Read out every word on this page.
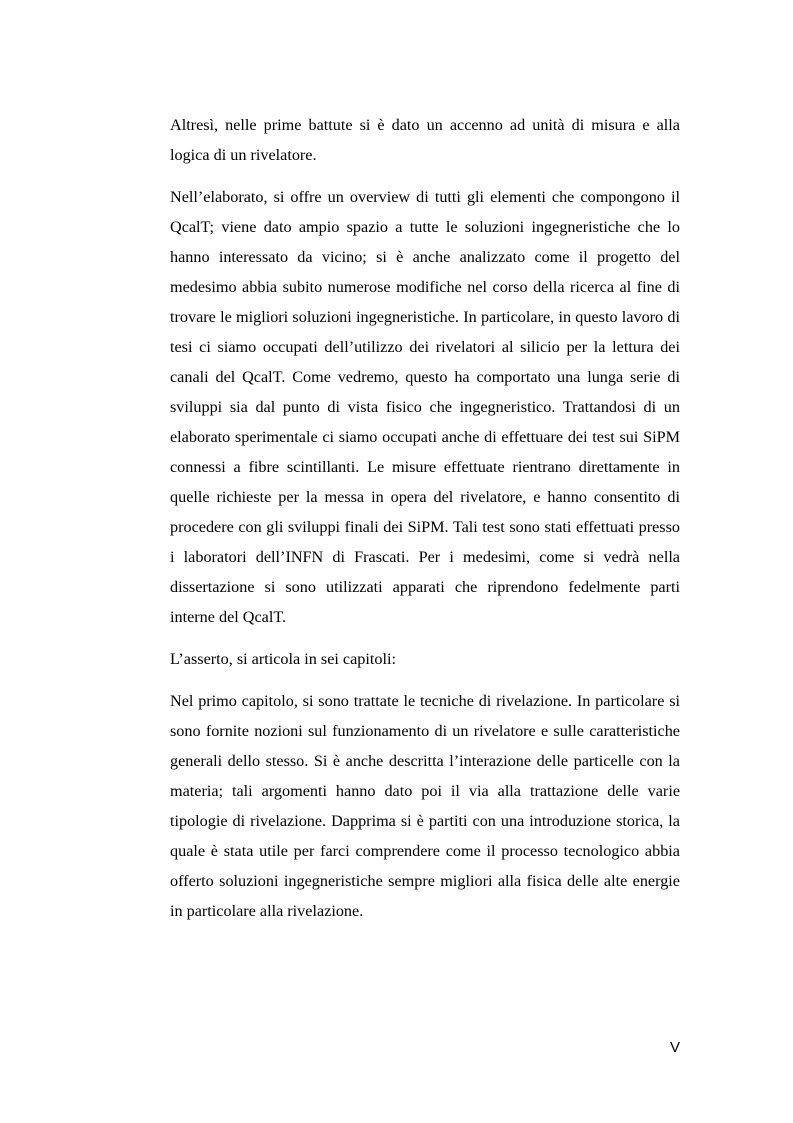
Altresì, nelle prime battute si è dato un accenno ad unità di misura e alla logica di un rivelatore.

Nell’elaborato, si offre un overview di tutti gli elementi che compongono il QcalT; viene dato ampio spazio a tutte le soluzioni ingegneristiche che lo hanno interessato da vicino; si è anche analizzato come il progetto del medesimo abbia subito numerose modifiche nel corso della ricerca al fine di trovare le migliori soluzioni ingegneristiche. In particolare, in questo lavoro di tesi ci siamo occupati dell’utilizzo dei rivelatori al silicio per la lettura dei canali del QcalT. Come vedremo, questo ha comportato una lunga serie di sviluppi sia dal punto di vista fisico che ingegneristico. Trattandosi di un elaborato sperimentale ci siamo occupati anche di effettuare dei test sui SiPM connessi a fibre scintillanti. Le misure effettuate rientrano direttamente in quelle richieste per la messa in opera del rivelatore, e hanno consentito di procedere con gli sviluppi finali dei SiPM. Tali test sono stati effettuati presso i laboratori dell’INFN di Frascati. Per i medesimi, come si vedrà nella dissertazione si sono utilizzati apparati che riprendono fedelmente parti interne del QcalT.

L’asserto, si articola in sei capitoli:

Nel primo capitolo, si sono trattate le tecniche di rivelazione. In particolare si sono fornite nozioni sul funzionamento di un rivelatore e sulle caratteristiche generali dello stesso. Si è anche descritta l’interazione delle particelle con la materia; tali argomenti hanno dato poi il via alla trattazione delle varie tipologie di rivelazione. Dapprima si è partiti con una introduzione storica, la quale è stata utile per farci comprendere come il processo tecnologico abbia offerto soluzioni ingegneristiche sempre migliori alla fisica delle alte energie in particolare alla rivelazione.

V
